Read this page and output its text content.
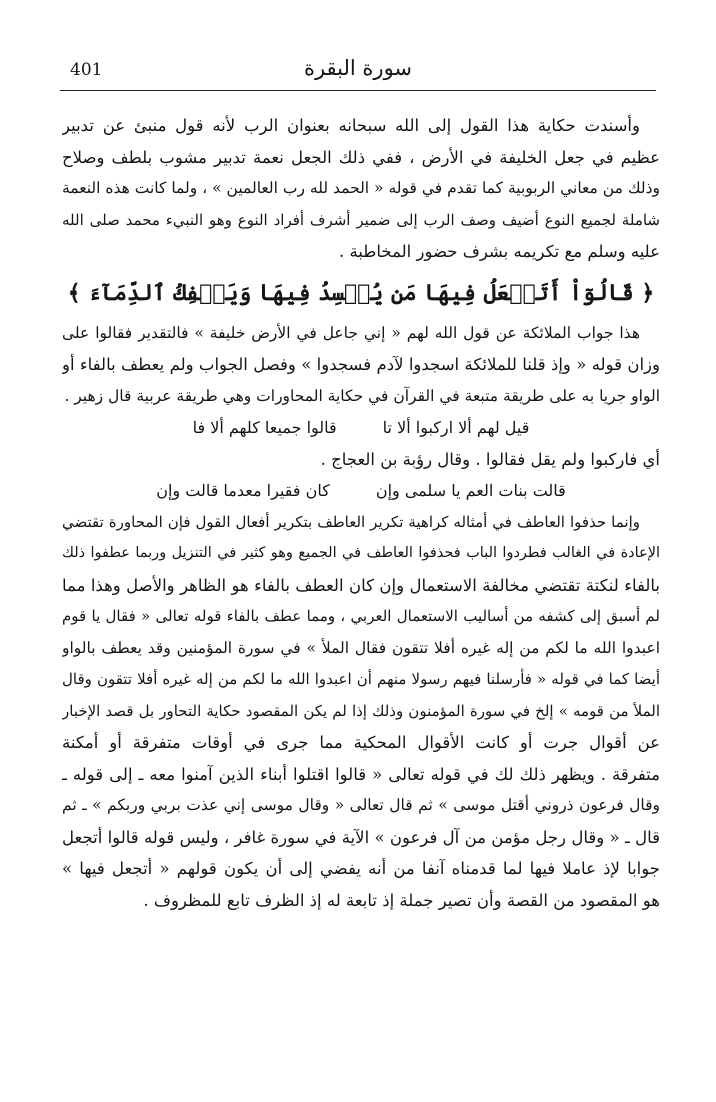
401	سورة البقرة
وأسندت حكاية هذا القول إلى الله سبحانه بعنوان الرب لأنه قول منبئ عن تدبير
عظيم في جعل الخليفة في الأرض ، ففي ذلك الجعل نعمة تدبير مشوب بلطف وصلاح
وذلك من معاني الربوبية كما تقدم في قوله « الحمد لله رب العالمين » ، ولما كانت هذه النعمة
شاملة لجميع النوع أضيف وصف الرب إلى ضمير أشرف أفراد النوع وهو النبيء محمد صلى الله
عليه وسلم مع تكريمه بشرف حضور المخاطبة .
﴿ قَالُوٓاْ أَتَجۡعَلُ فِيهَا مَن يُفۡسِدُ فِيهَا وَيَسۡفِكُ ٱلدِّمَآءَ ﴾
هذا جواب الملائكة عن قول الله لهم « إني جاعل في الأرض خليفة » فالتقدير فقالوا على
وزان قوله « وإذ قلنا للملائكة اسجدوا لآدم فسجدوا » وفصل الجواب ولم يعطف بالفاء أو
الواو جريا به على طريقة متبعة في القرآن في حكاية المحاورات وهي طريقة عربية قال زهير .
قيل لهم ألا اركبوا ألا تا
قالوا جميعا كلهم ألا فا
أي فاركبوا ولم يقل فقالوا . وقال رؤبة بن العجاج .
قالت بنات العم يا سلمى وإن
كان فقيرا معدما قالت وإن
وإنما حذفوا العاطف في أمثاله كراهية تكرير العاطف بتكرير أفعال القول فإن المحاورة تقتضي
الإعادة في الغالب فطردوا الباب فحذفوا العاطف في الجميع وهو كثير في التنزيل وربما عطفوا ذلك
بالفاء لنكتة تقتضي مخالفة الاستعمال وإن كان العطف بالفاء هو الظاهر والأصل وهذا مما
لم أسبق إلى كشفه من أساليب الاستعمال العربي ، ومما عطف بالفاء قوله تعالى « فقال يا قوم
اعبدوا الله ما لكم من إله غيره أفلا تتقون فقال الملأ » في سورة المؤمنين وقد يعطف بالواو
أيضا كما في قوله « فأرسلنا فيهم رسولا منهم أن اعبدوا الله ما لكم من إله غيره أفلا تتقون وقال
الملأ من قومه » إلخ في سورة المؤمنون وذلك إذا لم يكن المقصود حكاية التحاور بل قصد الإخبار
عن أقوال جرت أو كانت الأقوال المحكية مما جرى في أوقات متفرقة أو أمكنة
متفرقة . ويظهر ذلك لك في قوله تعالى « قالوا اقتلوا أبناء الذين آمنوا معه ـ إلى قوله ـ
وقال فرعون ذروني أقتل موسى » ثم قال تعالى « وقال موسى إني عذت بربي وربكم » ـ ثم
قال ـ « وقال رجل مؤمن من آل فرعون » الآية في سورة غافر ، وليس قوله قالوا أتجعل
جوابا لإذ عاملا فيها لما قدمناه آنفا من أنه يفضي إلى أن يكون قولهم « أتجعل فيها »
هو المقصود من القصة وأن تصير جملة إذ تابعة له إذ الظرف تابع للمظروف .
